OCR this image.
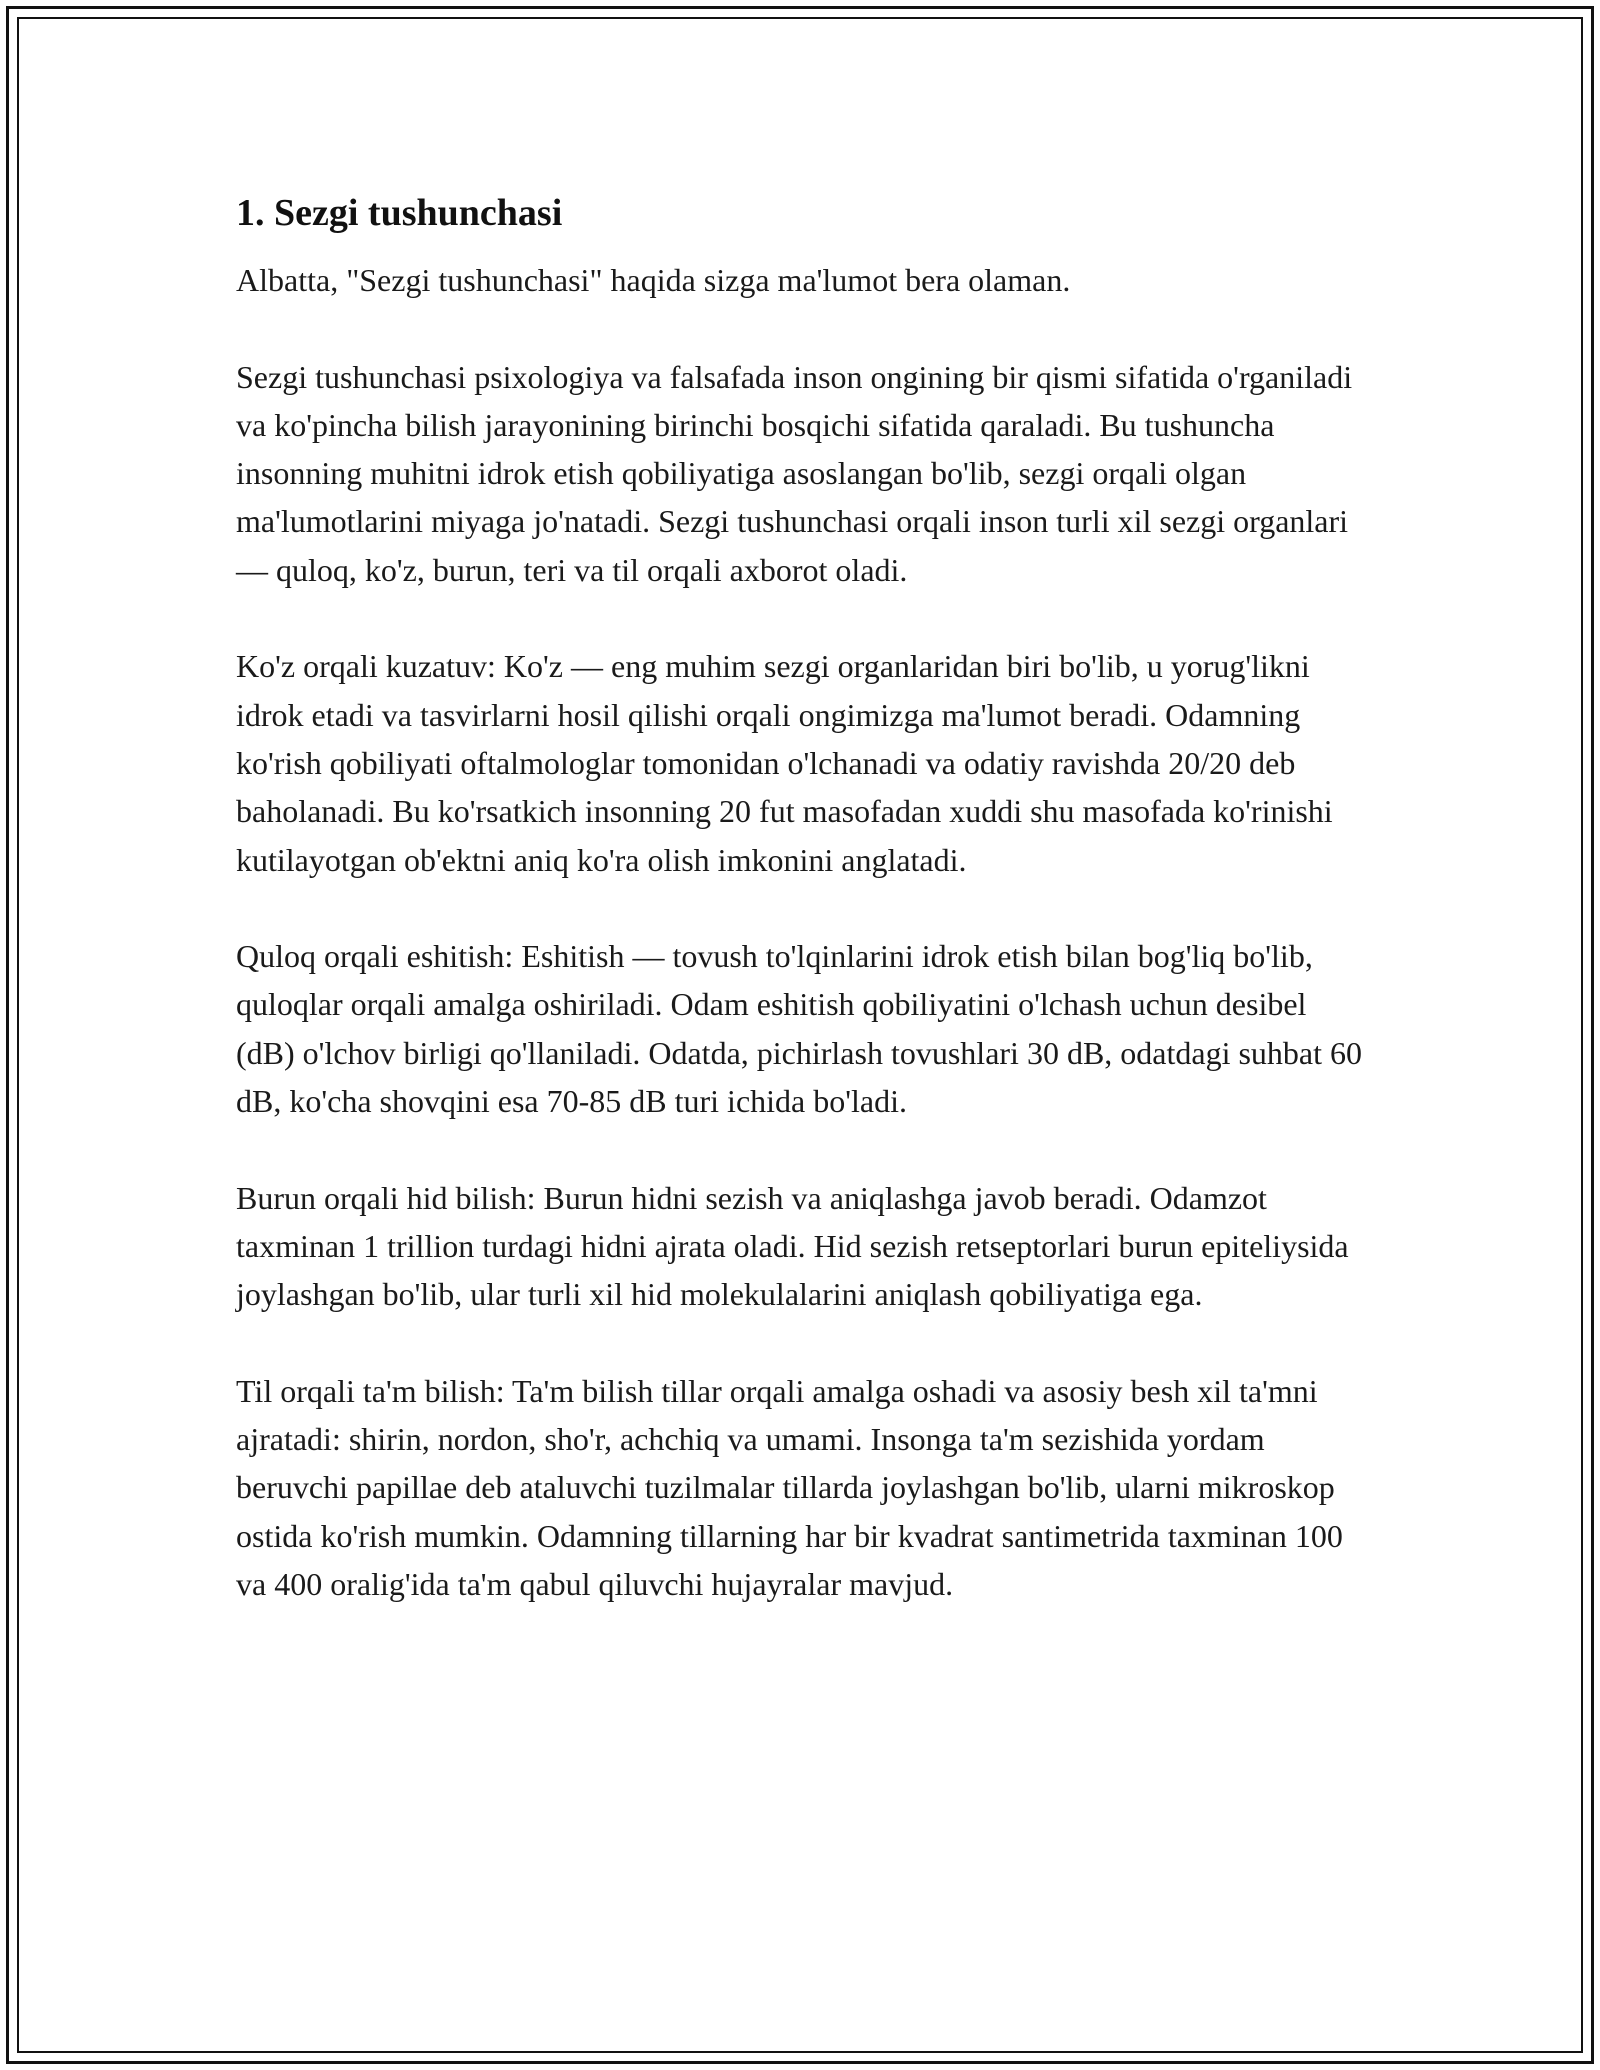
1. Sezgi tushunchasi

Albatta, "Sezgi tushunchasi" haqida sizga ma'lumot bera olaman.

Sezgi tushunchasi psixologiya va falsafada inson ongining bir qismi sifatida o'rganiladi va ko'pincha bilish jarayonining birinchi bosqichi sifatida qaraladi. Bu tushuncha insonning muhitni idrok etish qobiliyatiga asoslangan bo'lib, sezgi orqali olgan ma'lumotlarini miyaga jo'natadi. Sezgi tushunchasi orqali inson turli xil sezgi organlari — quloq, ko'z, burun, teri va til orqali axborot oladi.

Ko'z orqali kuzatuv: Ko'z — eng muhim sezgi organlaridan biri bo'lib, u yorug'likni idrok etadi va tasvirlarni hosil qilishi orqali ongimizga ma'lumot beradi. Odamning ko'rish qobiliyati oftalmologlar tomonidan o'lchanadi va odatiy ravishda 20/20 deb baholanadi. Bu ko'rsatkich insonning 20 fut masofadan xuddi shu masofada ko'rinishi kutilayotgan ob'ektni aniq ko'ra olish imkonini anglatadi.

Quloq orqali eshitish: Eshitish — tovush to'lqinlarini idrok etish bilan bog'liq bo'lib, quloqlar orqali amalga oshiriladi. Odam eshitish qobiliyatini o'lchash uchun desibel (dB) o'lchov birligi qo'llaniladi. Odatda, pichirlash tovushlari 30 dB, odatdagi suhbat 60 dB, ko'cha shovqini esa 70-85 dB turi ichida bo'ladi.

Burun orqali hid bilish: Burun hidni sezish va aniqlashga javob beradi. Odamzot taxminan 1 trillion turdagi hidni ajrata oladi. Hid sezish retseptorlari burun epiteliysida joylashgan bo'lib, ular turli xil hid molekulalarini aniqlash qobiliyatiga ega.

Til orqali ta'm bilish: Ta'm bilish tillar orqali amalga oshadi va asosiy besh xil ta'mni ajratadi: shirin, nordon, sho'r, achchiq va umami. Insonga ta'm sezishida yordam beruvchi papillae deb ataluvchi tuzilmalar tillarda joylashgan bo'lib, ularni mikroskop ostida ko'rish mumkin. Odamning tillarning har bir kvadrat santimetrida taxminan 100 va 400 oralig'ida ta'm qabul qiluvchi hujayralar mavjud.
